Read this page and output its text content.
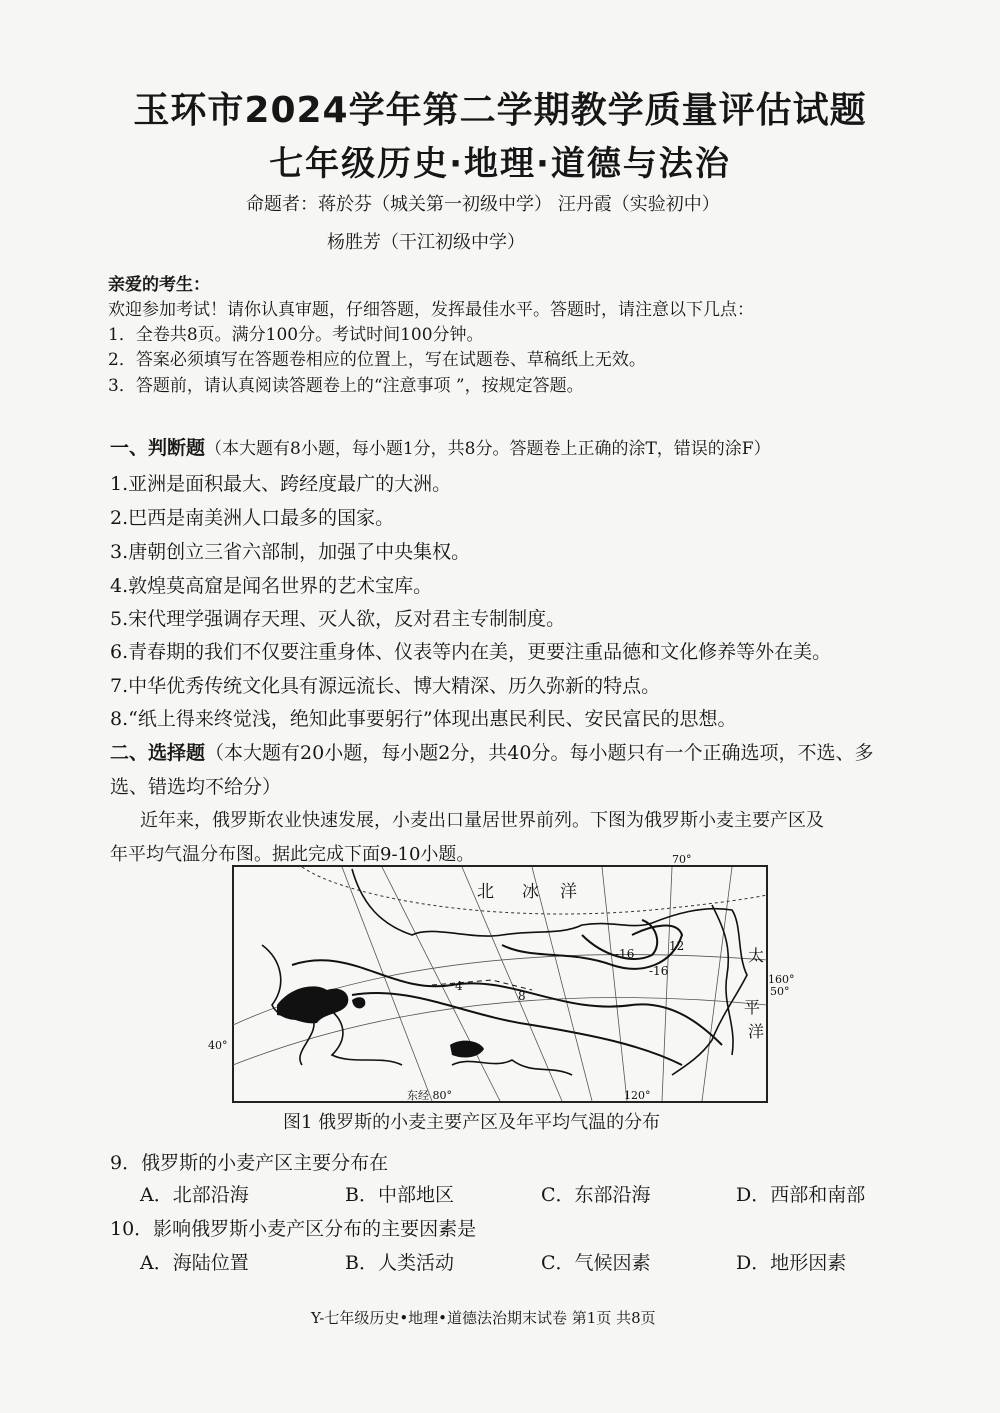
玉环市2024学年第二学期教学质量评估试题
七年级历史·地理·道德与法治
命题者：蒋於芬（城关第一初级中学） 汪丹霞（实验初中）
杨胜芳（干江初级中学）
亲爱的考生：
欢迎参加考试！请你认真审题，仔细答题，发挥最佳水平。答题时，请注意以下几点：
1．全卷共8页。满分100分。考试时间100分钟。
2．答案必须填写在答题卷相应的位置上，写在试题卷、草稿纸上无效。
3．答题前，请认真阅读答题卷上的“注意事项 ”，按规定答题。
一、判断题（本大题有8小题，每小题1分，共8分。答题卷上正确的涂T，错误的涂F）
1.亚洲是面积最大、跨经度最广的大洲。
2.巴西是南美洲人口最多的国家。
3.唐朝创立三省六部制，加强了中央集权。
4.敦煌莫高窟是闻名世界的艺术宝库。
5.宋代理学强调存天理、灭人欲，反对君主专制制度。
6.青春期的我们不仅要注重身体、仪表等内在美，更要注重品德和文化修养等外在美。
7.中华优秀传统文化具有源远流长、博大精深、历久弥新的特点。
8.“纸上得来终觉浅，绝知此事要躬行”体现出惠民利民、安民富民的思想。
二、选择题（本大题有20小题，每小题2分，共40分。每小题只有一个正确选项，不选、多
选、错选均不给分）
近年来，俄罗斯农业快速发展，小麦出口量居世界前列。下图为俄罗斯小麦主要产区及
年平均气温分布图。据此完成下面9-10小题。
北 冰 洋
太
平
洋
70°
40°
50°
160°
东经 80°	120°
-16
-16
12
8
4
图1 俄罗斯的小麦主要产区及年平均气温的分布
9．俄罗斯的小麦产区主要分布在
A．北部沿海	B．中部地区	C．东部沿海	D．西部和南部
10．影响俄罗斯小麦产区分布的主要因素是
A．海陆位置	B．人类活动	C．气候因素	D．地形因素
Y-七年级历史•地理•道德法治期末试卷 第1页 共8页
